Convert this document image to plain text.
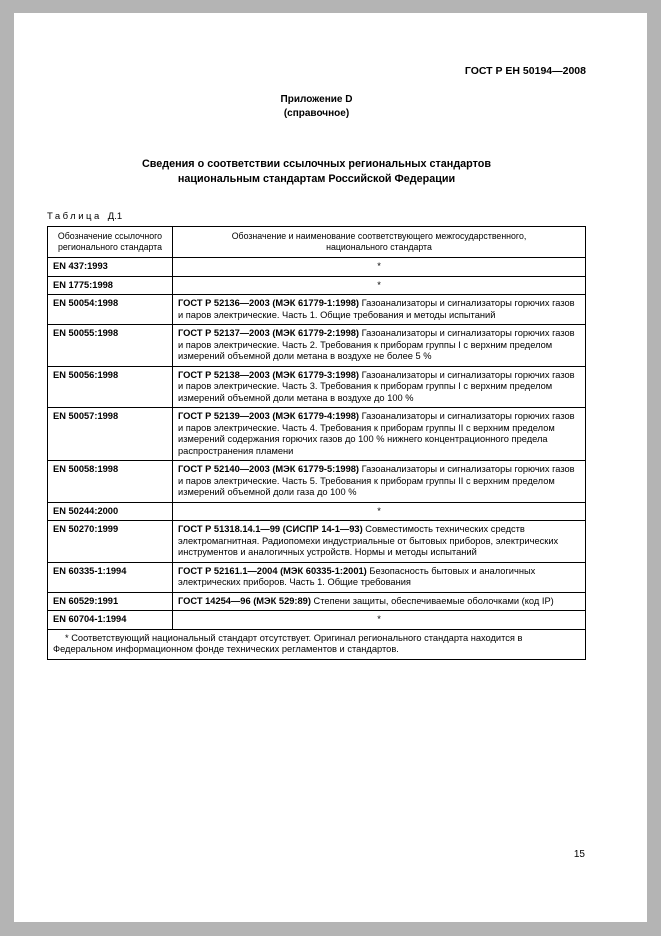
ГОСТ Р ЕН 50194—2008
Приложение D
(справочное)
Сведения о соответствии ссылочных региональных стандартов
национальным стандартам Российской Федерации
Таблица Д.1
Обозначение ссылочного регионального стандарта	Обозначение и наименование соответствующего межгосударственного,
национального стандарта
EN 437:1993	*
EN 1775:1998	*
EN 50054:1998	ГОСТ Р 52136—2003 (МЭК 61779-1:1998) Газоанализаторы и сигнализаторы горючих газов и паров электрические. Часть 1. Общие требования и методы испытаний
EN 50055:1998	ГОСТ Р 52137—2003 (МЭК 61779-2:1998) Газоанализаторы и сигнализаторы горючих газов и паров электрические. Часть 2. Требования к приборам группы I с верхним пределом измерений объемной доли метана в воздухе не более 5 %
EN 50056:1998	ГОСТ Р 52138—2003 (МЭК 61779-3:1998) Газоанализаторы и сигнализаторы горючих газов и паров электрические. Часть 3. Требования к приборам группы I с верхним пределом измерений объемной доли метана в воздухе до 100 %
EN 50057:1998	ГОСТ Р 52139—2003 (МЭК 61779-4:1998) Газоанализаторы и сигнализаторы горючих газов и паров электрические. Часть 4. Требования к приборам группы II с верхним пределом измерений содержания горючих газов до 100 % нижнего концентрационного предела распространения пламени
EN 50058:1998	ГОСТ Р 52140—2003 (МЭК 61779-5:1998) Газоанализаторы и сигнализаторы горючих газов и паров электрические. Часть 5. Требования к приборам группы II с верхним пределом измерений объемной доли газа до 100 %
EN 50244:2000	*
EN 50270:1999	ГОСТ Р 51318.14.1—99 (СИСПР 14-1—93) Совместимость технических средств электромагнитная. Радиопомехи индустриальные от бытовых приборов, электрических инструментов и аналогичных устройств. Нормы и методы испытаний
EN 60335-1:1994	ГОСТ Р 52161.1—2004 (МЭК 60335-1:2001) Безопасность бытовых и аналогичных электрических приборов. Часть 1. Общие требования
EN 60529:1991	ГОСТ 14254—96 (МЭК 529:89) Степени защиты, обеспечиваемые оболочками (код IP)
EN 60704-1:1994	*

* Соответствующий национальный стандарт отсутствует. Оригинал регионального стандарта находится в Федеральном информационном фонде технических регламентов и стандартов.	

15
